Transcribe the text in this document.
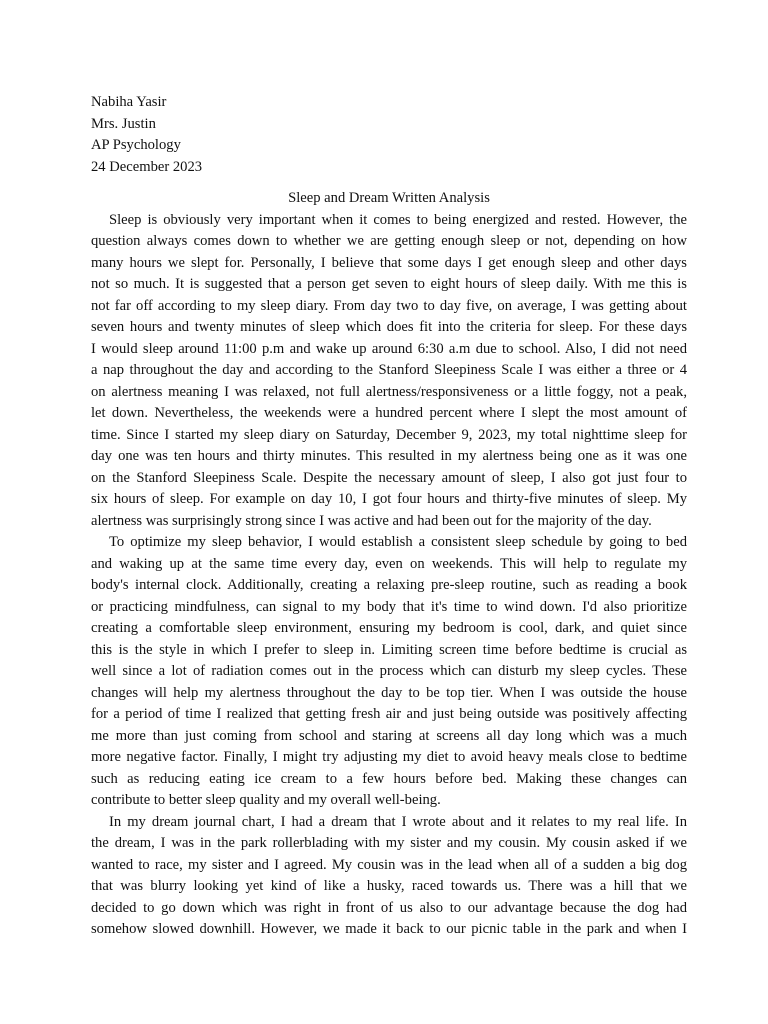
Nabiha Yasir
Mrs. Justin
AP Psychology
24 December 2023
Sleep and Dream Written Analysis
Sleep is obviously very important when it comes to being energized and rested. However, the
question always comes down to whether we are getting enough sleep or not, depending on how
many hours we slept for. Personally, I believe that some days I get enough sleep and other days
not so much. It is suggested that a person get seven to eight hours of sleep daily. With me this is
not far off according to my sleep diary. From day two to day five, on average, I was getting about
seven hours and twenty minutes of sleep which does fit into the criteria for sleep. For these days
I would sleep around 11:00 p.m and wake up around 6:30 a.m due to school. Also, I did not need
a nap throughout the day and according to the Stanford Sleepiness Scale I was either a three or 4
on alertness meaning I was relaxed, not full alertness/responsiveness or a little foggy, not a peak,
let down. Nevertheless, the weekends were a hundred percent where I slept the most amount of
time. Since I started my sleep diary on Saturday, December 9, 2023, my total nighttime sleep for
day one was ten hours and thirty minutes. This resulted in my alertness being one as it was one
on the Stanford Sleepiness Scale. Despite the necessary amount of sleep, I also got just four to
six hours of sleep. For example on day 10, I got four hours and thirty-five minutes of sleep. My
alertness was surprisingly strong since I was active and had been out for the majority of the day.
To optimize my sleep behavior, I would establish a consistent sleep schedule by going to bed
and waking up at the same time every day, even on weekends. This will help to regulate my
body's internal clock. Additionally, creating a relaxing pre-sleep routine, such as reading a book
or practicing mindfulness, can signal to my body that it's time to wind down. I'd also prioritize
creating a comfortable sleep environment, ensuring my bedroom is cool, dark, and quiet since
this is the style in which I prefer to sleep in. Limiting screen time before bedtime is crucial as
well since a lot of radiation comes out in the process which can disturb my sleep cycles. These
changes will help my alertness throughout the day to be top tier. When I was outside the house
for a period of time I realized that getting fresh air and just being outside was positively affecting
me more than just coming from school and staring at screens all day long which was a much
more negative factor. Finally, I might try adjusting my diet to avoid heavy meals close to bedtime
such as reducing eating ice cream to a few hours before bed. Making these changes can
contribute to better sleep quality and my overall well-being.
In my dream journal chart, I had a dream that I wrote about and it relates to my real life. In
the dream, I was in the park rollerblading with my sister and my cousin. My cousin asked if we
wanted to race, my sister and I agreed. My cousin was in the lead when all of a sudden a big dog
that was blurry looking yet kind of like a husky, raced towards us. There was a hill that we
decided to go down which was right in front of us also to our advantage because the dog had
somehow slowed downhill. However, we made it back to our picnic table in the park and when I
